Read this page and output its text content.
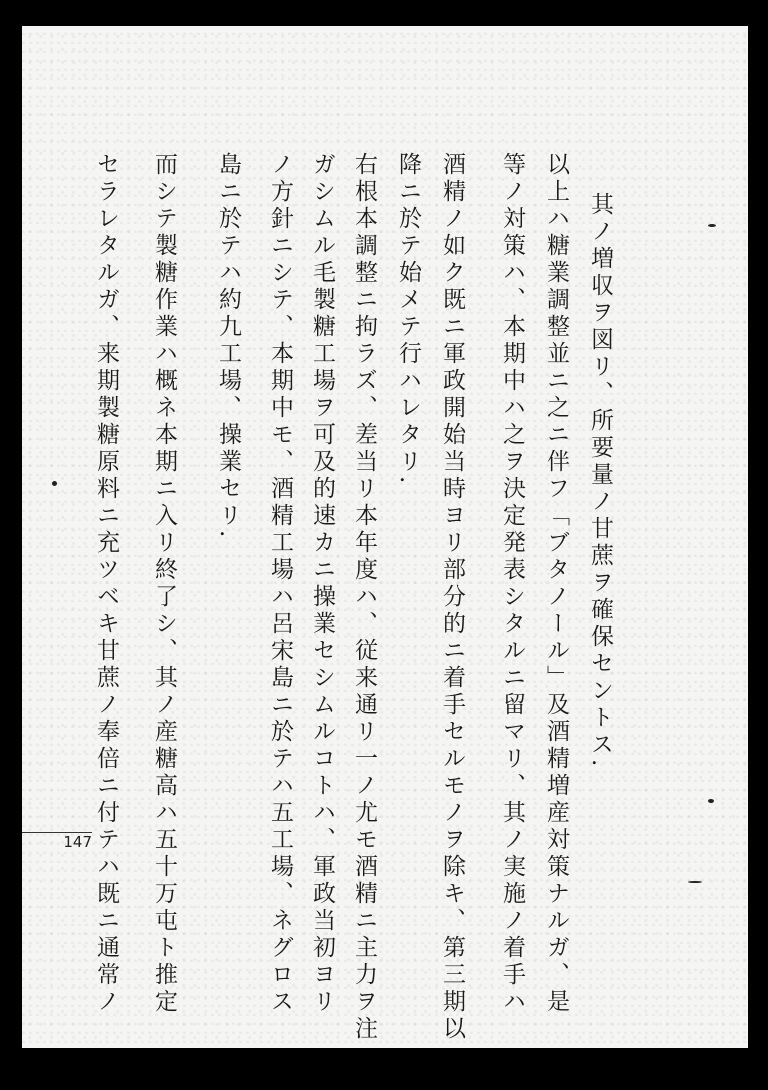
其ノ増収ヲ図リ、所要量ノ甘蔗ヲ確保セントス.
以上ハ糖業調整並ニ之ニ伴フ「ブタノール」及酒精増産対策ナルガ、是
等ノ対策ハ、本期中ハ之ヲ決定発表シタルニ留マリ、其ノ実施ノ着手ハ
酒精ノ如ク既ニ軍政開始当時ヨリ部分的ニ着手セルモノヲ除キ、第三期以
降ニ於テ始メテ行ハレタリ.
右根本調整ニ拘ラズ、差当リ本年度ハ、従来通リ一ノ尤モ酒精ニ主力ヲ注
ガシムル毛製糖工場ヲ可及的速カニ操業セシムルコトハ、軍政当初ヨリ
ノ方針ニシテ、本期中モ、酒精工場ハ呂宋島ニ於テハ五工場、ネグロス
島ニ於テハ約九工場、操業セリ.
而シテ製糖作業ハ概ネ本期ニ入リ終了シ、其ノ産糖高ハ五十万屯ト推定
セラレタルガ、来期製糖原料ニ充ツベキ甘蔗ノ奉倍ニ付テハ既ニ通常ノ
147
